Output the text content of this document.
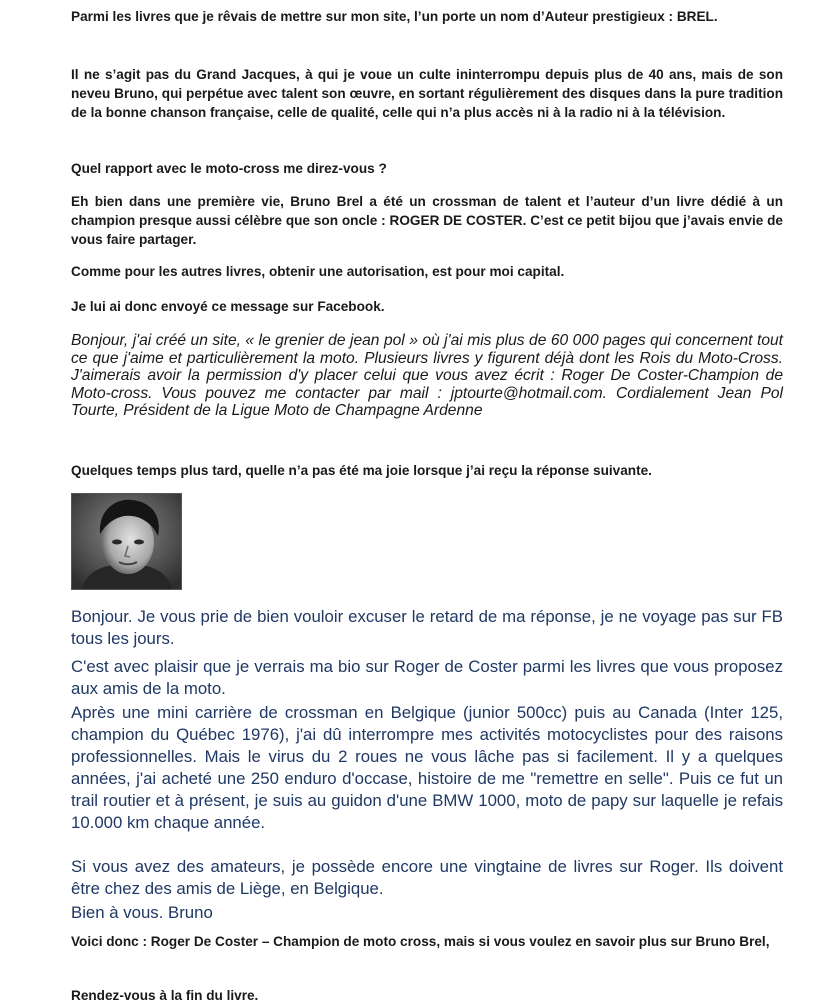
Parmi les livres que je rêvais de mettre sur mon site, l’un porte un nom d’Auteur prestigieux : BREL.

Il ne s’agit pas du Grand Jacques, à qui je voue un culte ininterrompu depuis plus de 40 ans, mais de son neveu Bruno, qui perpétue avec talent son œuvre, en sortant régulièrement des disques dans la pure tradition de la bonne chanson française, celle de qualité, celle qui n’a plus accès ni à la radio ni à la télévision.

Quel rapport avec le moto-cross me direz-vous ?

Eh bien dans une première vie, Bruno Brel a été un crossman de talent et l’auteur d’un livre dédié à un champion presque aussi célèbre que son oncle : ROGER DE COSTER. C’est ce petit bijou que j’avais envie de vous faire partager.

Comme pour les autres livres, obtenir une autorisation, est pour moi capital.

Je lui ai donc envoyé ce message sur Facebook.

Bonjour, j'ai créé un site, « le grenier de jean pol » où j'ai mis plus de 60 000 pages qui concernent tout ce que j'aime et particulièrement la moto. Plusieurs livres y figurent déjà dont les Rois du Moto-Cross. J'aimerais avoir la permission d'y placer celui que vous avez écrit : Roger De Coster-Champion de Moto-cross. Vous pouvez me contacter par mail : jptourte@hotmail.com. Cordialement Jean Pol Tourte, Président de la Ligue Moto de Champagne Ardenne

Quelques temps plus tard, quelle n’a pas été ma joie lorsque j’ai reçu la réponse suivante.

Bonjour. Je vous prie de bien vouloir excuser le retard de ma réponse, je ne voyage pas sur FB tous les jours.

C'est avec plaisir que je verrais ma bio sur Roger de Coster parmi les livres que vous proposez aux amis de la moto.

Après une mini carrière de crossman en Belgique (junior 500cc) puis au Canada (Inter 125, champion du Québec 1976), j'ai dû interrompre mes activités motocyclistes pour des raisons professionnelles. Mais le virus du 2 roues ne vous lâche pas si facilement. Il y a quelques années, j'ai acheté une 250 enduro d'occase, histoire de me "remettre en selle". Puis ce fut un trail routier et à présent, je suis au guidon d'une BMW 1000, moto de papy sur laquelle je refais 10.000 km chaque année.

Si vous avez des amateurs, je possède encore une vingtaine de livres sur Roger. Ils doivent être chez des amis de Liège, en Belgique.

Bien à vous. Bruno

Voici donc : Roger De Coster – Champion de moto cross, mais si vous voulez en savoir plus sur Bruno Brel,

Rendez-vous à la fin du livre.
